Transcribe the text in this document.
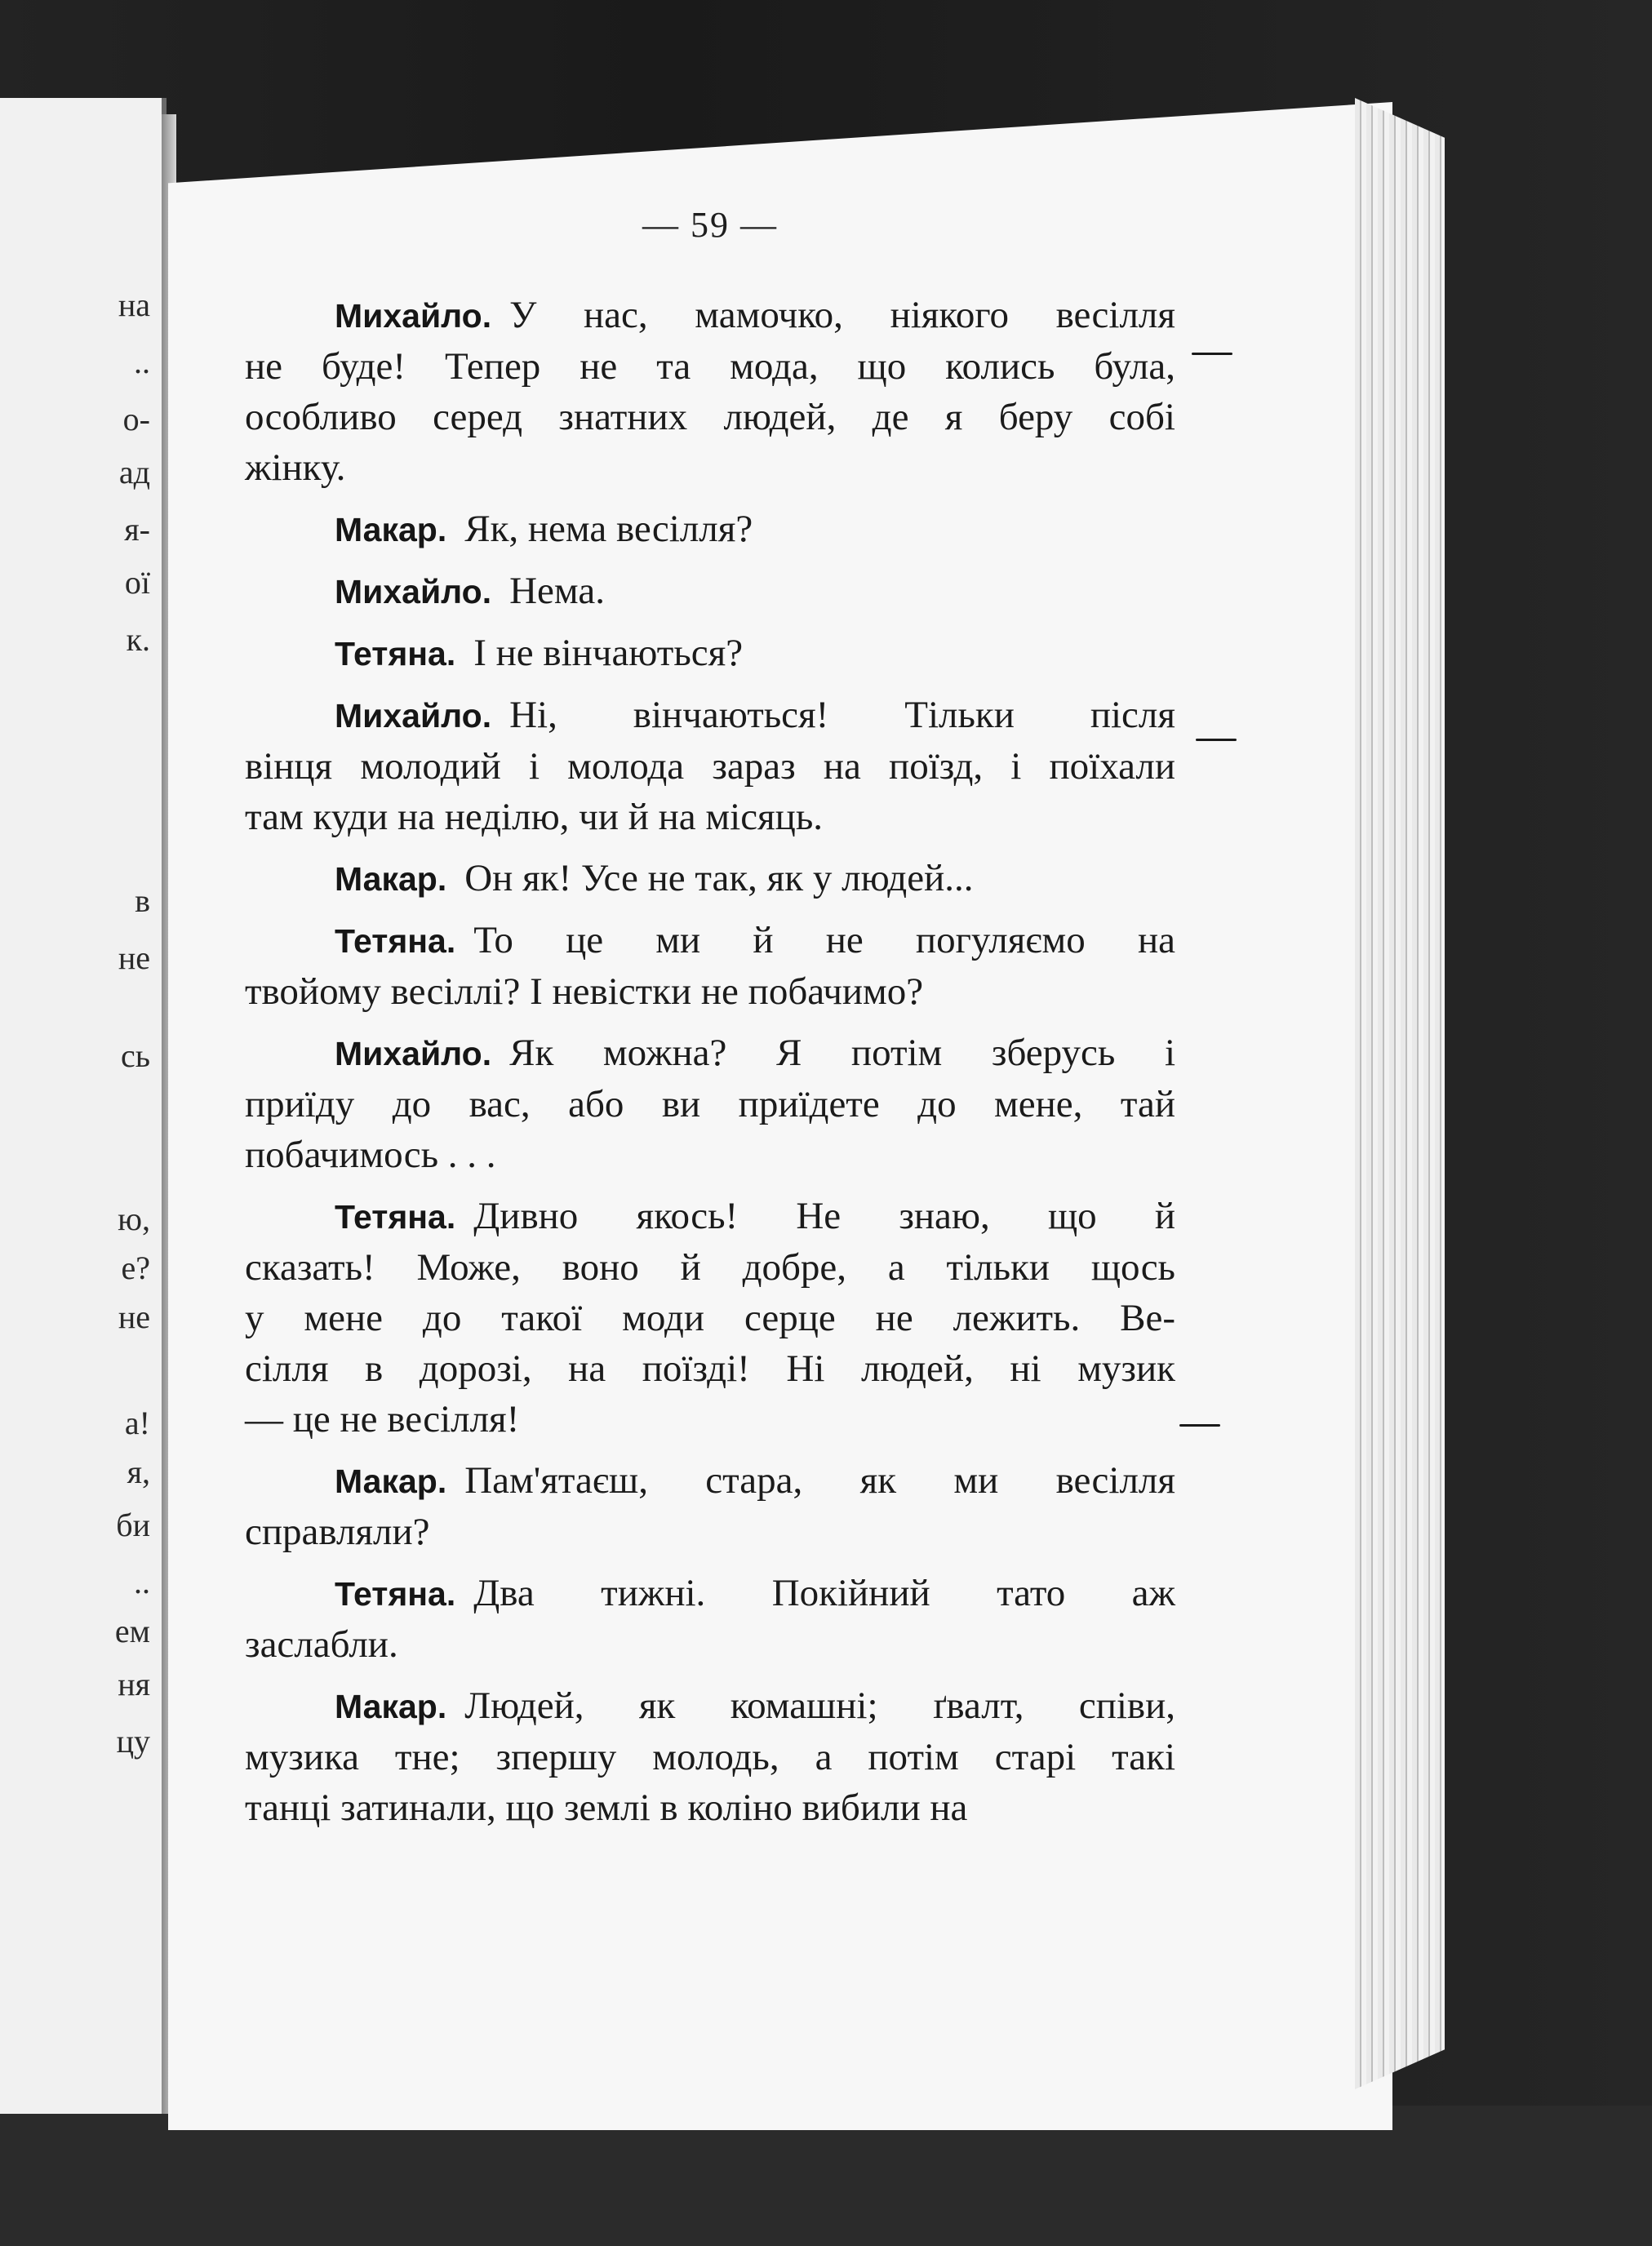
на
..
о-
ад
я-
ої
к.
в
не
сь
ю,
е?
не
а!
я,
би
..
ем
ня
цу
— 59 —
Михайло. У нас, мамочко, ніякого весілля
не буде! Тепер не та мода, що колись була,
особливо серед знатних людей, де я беру собі
жінку.
Макар. Як, нема весілля?
Михайло. Нема.
Тетяна. І не вінчаються?
Михайло. Ні, вінчаються! Тільки після
вінця молодий і молода зараз на поїзд, і поїхали
там куди на неділю, чи й на місяць.
Макар. Он як! Усе не так, як у людей...
Тетяна. То це ми й не погуляємо на
твойому весіллі? І невістки не побачимо?
Михайло. Як можна? Я потім зберусь і
приїду до вас, або ви приїдете до мене, тай
побачимось . . .
Тетяна. Дивно якось! Не знаю, що й
сказать! Може, воно й добре, а тільки щось
у мене до такої моди серце не лежить. Ве-
сілля в дорозі, на поїзді! Ні людей, ні музик
— це не весілля!
Макар. Пам'ятаєш, стара, як ми весілля
справляли?
Тетяна. Два тижні. Покійний тато аж
заслабли.
Макар. Людей, як комашні; ґвалт, співи,
музика тне; зпершу молодь, а потім старі такі
танці затинали, що землі в коліно вибили на
